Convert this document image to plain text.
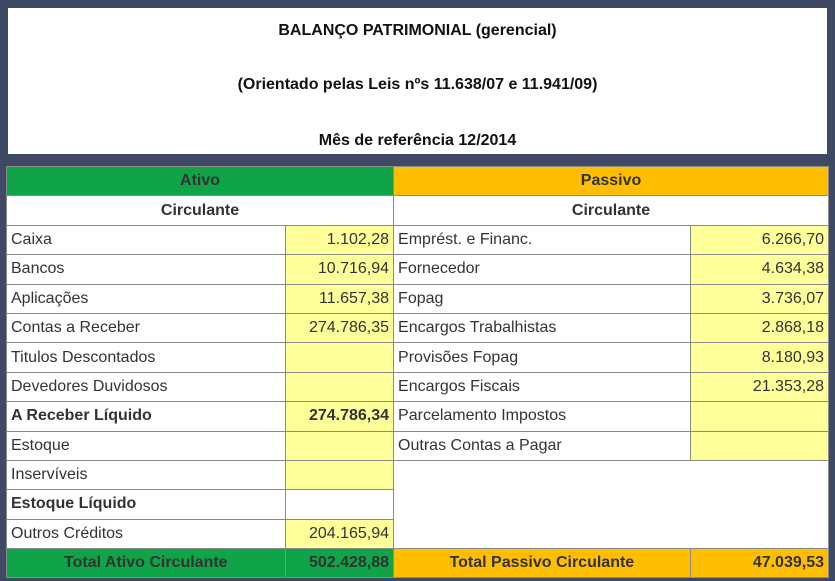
BALANÇO PATRIMONIAL (gerencial)
(Orientado pelas Leis nºs 11.638/07 e 11.941/09)
Mês de referência 12/2014
Ativo		Passivo	
Circulante		Circulante	
Caixa	1.102,28	Emprést. e Financ.	6.266,70
Bancos	10.716,94	Fornecedor	4.634,38
Aplicações	11.657,38	Fopag	3.736,07
Contas a Receber	274.786,35	Encargos Trabalhistas	2.868,18
Titulos Descontados		Provisões Fopag	8.180,93
Devedores Duvidosos		Encargos Fiscais	21.353,28
A Receber Líquido	274.786,34	Parcelamento Impostos	
Estoque		Outras Contas a Pagar	
Inservíveis			
Estoque Líquido			
Outros Créditos	204.165,94		
Total Ativo Circulante	502.428,88	Total Passivo Circulante	47.039,53
